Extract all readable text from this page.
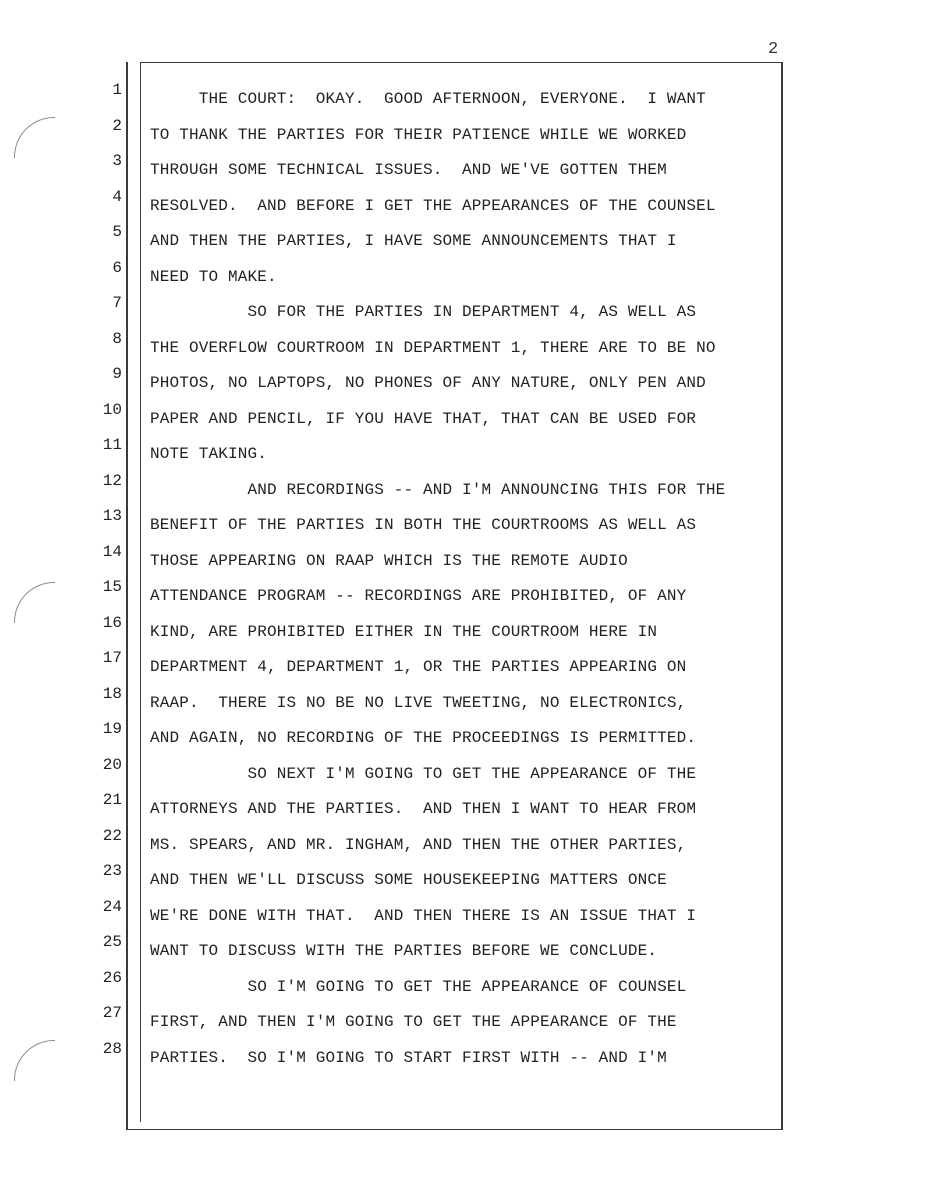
2
1
2
3
4
5
6
7
8
9
10
11
12
13
14
15
16
17
18
19
20
21
22
23
24
25
26
27
28
THE COURT:  OKAY.  GOOD AFTERNOON, EVERYONE.  I WANT
TO THANK THE PARTIES FOR THEIR PATIENCE WHILE WE WORKED
THROUGH SOME TECHNICAL ISSUES.  AND WE'VE GOTTEN THEM
RESOLVED.  AND BEFORE I GET THE APPEARANCES OF THE COUNSEL
AND THEN THE PARTIES, I HAVE SOME ANNOUNCEMENTS THAT I
NEED TO MAKE.
SO FOR THE PARTIES IN DEPARTMENT 4, AS WELL AS
THE OVERFLOW COURTROOM IN DEPARTMENT 1, THERE ARE TO BE NO
PHOTOS, NO LAPTOPS, NO PHONES OF ANY NATURE, ONLY PEN AND
PAPER AND PENCIL, IF YOU HAVE THAT, THAT CAN BE USED FOR
NOTE TAKING.
AND RECORDINGS -- AND I'M ANNOUNCING THIS FOR THE
BENEFIT OF THE PARTIES IN BOTH THE COURTROOMS AS WELL AS
THOSE APPEARING ON RAAP WHICH IS THE REMOTE AUDIO
ATTENDANCE PROGRAM -- RECORDINGS ARE PROHIBITED, OF ANY
KIND, ARE PROHIBITED EITHER IN THE COURTROOM HERE IN
DEPARTMENT 4, DEPARTMENT 1, OR THE PARTIES APPEARING ON
RAAP.  THERE IS NO BE NO LIVE TWEETING, NO ELECTRONICS,
AND AGAIN, NO RECORDING OF THE PROCEEDINGS IS PERMITTED.
SO NEXT I'M GOING TO GET THE APPEARANCE OF THE
ATTORNEYS AND THE PARTIES.  AND THEN I WANT TO HEAR FROM
MS. SPEARS, AND MR. INGHAM, AND THEN THE OTHER PARTIES,
AND THEN WE'LL DISCUSS SOME HOUSEKEEPING MATTERS ONCE
WE'RE DONE WITH THAT.  AND THEN THERE IS AN ISSUE THAT I
WANT TO DISCUSS WITH THE PARTIES BEFORE WE CONCLUDE.
SO I'M GOING TO GET THE APPEARANCE OF COUNSEL
FIRST, AND THEN I'M GOING TO GET THE APPEARANCE OF THE
PARTIES.  SO I'M GOING TO START FIRST WITH -- AND I'M
